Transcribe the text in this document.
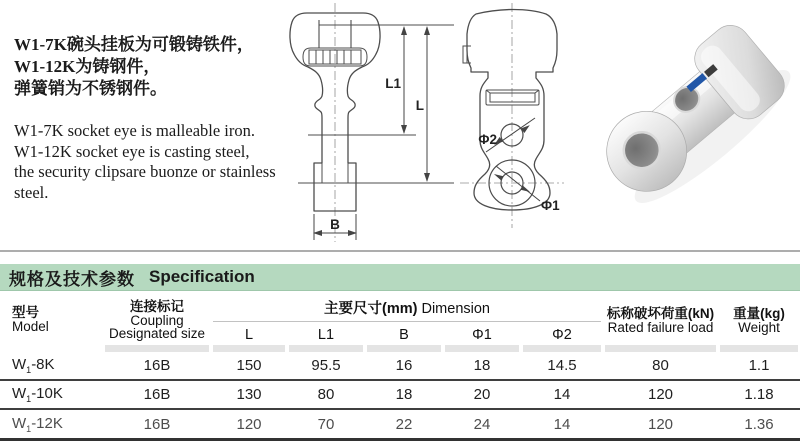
W1-7K碗头挂板为可锻铸铁件，
W1-12K为铸钢件，
弹簧销为不锈钢件。
W1-7K socket eye is malleable iron.
W1-12K socket eye is casting steel,
the security clipsare buonze or stainless steel.
L1
L
B
Φ2
Φ1
规格及技术参数 Specification
型号
Model
连接标记
Coupling
Designated size
主要尺寸(mm) Dimension
L	L1	B	Φ1	Φ2
标称破坏荷重(kN)
Rated failure load
重量(kg)
Weight
$W_1-8K$	16B	150	95.5	16	18	14.5	80	1.1
$W_1-10K$	16B	130	80	18	20	14	120	1.18
$W_1-12K$	16B	120	70	22	24	14	120	1.36
